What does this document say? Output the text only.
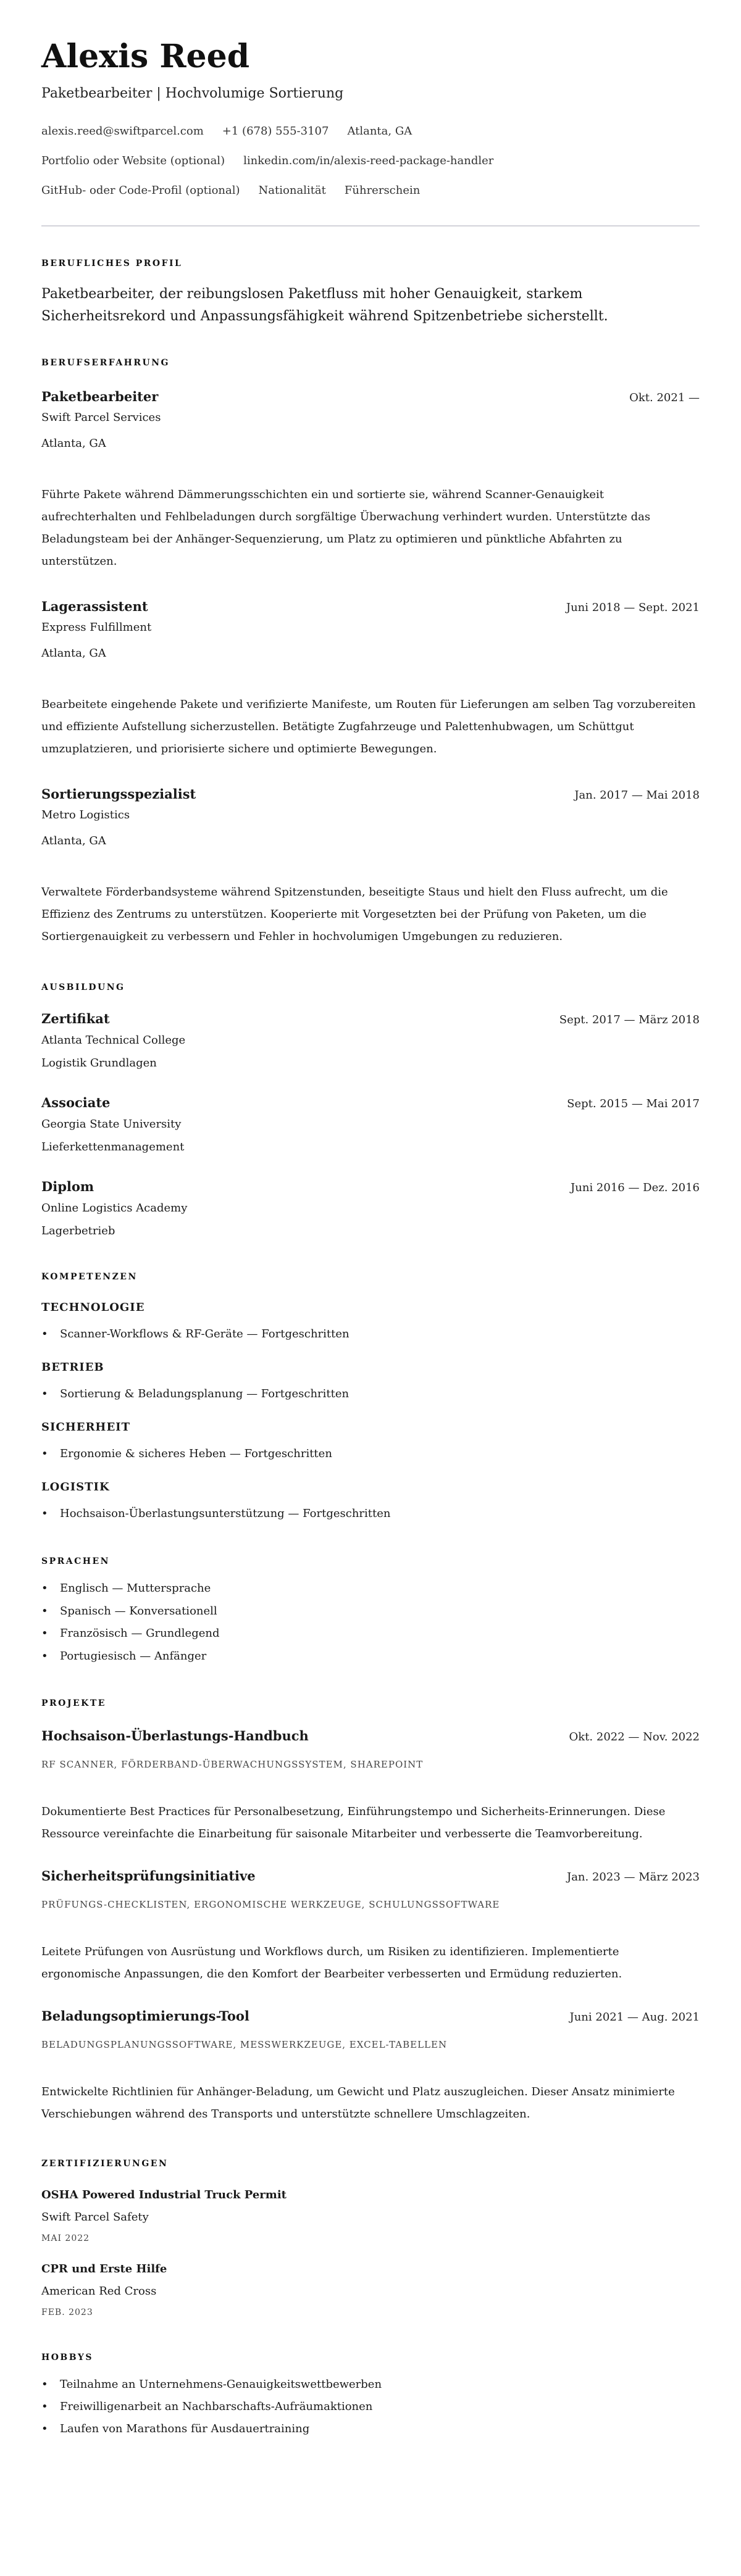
Alexis Reed
Paketbearbeiter | Hochvolumige Sortierung
alexis.reed@swiftparcel.com +1 (678) 555-3107 Atlanta, GA
Portfolio oder Website (optional) linkedin.com/in/alexis-reed-package-handler
GitHub- oder Code-Profil (optional) Nationalität Führerschein
BERUFLICHES PROFIL

Paketbearbeiter, der reibungslosen Paketfluss mit hoher Genauigkeit, starkem Sicherheitsrekord und Anpassungsfähigkeit während Spitzenbetriebe sicherstellt.

BERUFSERFAHRUNG
Paketbearbeiter	Okt. 2021 —
Swift Parcel Services
Atlanta, GA

Führte Pakete während Dämmerungsschichten ein und sortierte sie, während Scanner-Genauigkeit aufrechterhalten und Fehlbeladungen durch sorgfältige Überwachung verhindert wurden. Unterstützte das Beladungsteam bei der Anhänger-Sequenzierung, um Platz zu optimieren und pünktliche Abfahrten zu unterstützen.

Lagerassistent	Juni 2018 — Sept. 2021
Express Fulfillment
Atlanta, GA

Bearbeitete eingehende Pakete und verifizierte Manifeste, um Routen für Lieferungen am selben Tag vorzubereiten und effiziente Aufstellung sicherzustellen. Betätigte Zugfahrzeuge und Palettenhubwagen, um Schüttgut umzuplatzieren, und priorisierte sichere und optimierte Bewegungen.

Sortierungsspezialist	Jan. 2017 — Mai 2018
Metro Logistics
Atlanta, GA

Verwaltete Förderbandsysteme während Spitzenstunden, beseitigte Staus und hielt den Fluss aufrecht, um die Effizienz des Zentrums zu unterstützen. Kooperierte mit Vorgesetzten bei der Prüfung von Paketen, um die Sortiergenauigkeit zu verbessern und Fehler in hochvolumigen Umgebungen zu reduzieren.

AUSBILDUNG
Zertifikat	Sept. 2017 — März 2018
Atlanta Technical College
Logistik Grundlagen
Associate	Sept. 2015 — Mai 2017
Georgia State University
Lieferkettenmanagement
Diplom	Juni 2016 — Dez. 2016
Online Logistics Academy
Lagerbetrieb
KOMPETENZEN
TECHNOLOGIE
• Scanner-Workflows & RF-Geräte — Fortgeschritten
BETRIEB
• Sortierung & Beladungsplanung — Fortgeschritten
SICHERHEIT
• Ergonomie & sicheres Heben — Fortgeschritten
LOGISTIK
• Hochsaison-Überlastungsunterstützung — Fortgeschritten
SPRACHEN
• Englisch — Muttersprache
• Spanisch — Konversationell
• Französisch — Grundlegend
• Portugiesisch — Anfänger
PROJEKTE
Hochsaison-Überlastungs-Handbuch	Okt. 2022 — Nov. 2022
RF SCANNER, FÖRDERBAND-ÜBERWACHUNGSSYSTEM, SHAREPOINT

Dokumentierte Best Practices für Personalbesetzung, Einführungstempo und Sicherheits-Erinnerungen. Diese Ressource vereinfachte die Einarbeitung für saisonale Mitarbeiter und verbesserte die Teamvorbereitung.

Sicherheitsprüfungsinitiative	Jan. 2023 — März 2023
PRÜFUNGS-CHECKLISTEN, ERGONOMISCHE WERKZEUGE, SCHULUNGSSOFTWARE

Leitete Prüfungen von Ausrüstung und Workflows durch, um Risiken zu identifizieren. Implementierte ergonomische Anpassungen, die den Komfort der Bearbeiter verbesserten und Ermüdung reduzierten.

Beladungsoptimierungs-Tool	Juni 2021 — Aug. 2021
BELADUNGSPLANUNGSSOFTWARE, MESSWERKZEUGE, EXCEL-TABELLEN

Entwickelte Richtlinien für Anhänger-Beladung, um Gewicht und Platz auszugleichen. Dieser Ansatz minimierte Verschiebungen während des Transports und unterstützte schnellere Umschlagzeiten.

ZERTIFIZIERUNGEN
OSHA Powered Industrial Truck Permit
Swift Parcel Safety
MAI 2022
CPR und Erste Hilfe
American Red Cross
FEB. 2023
HOBBYS
• Teilnahme an Unternehmens-Genauigkeitswettbewerben
• Freiwilligenarbeit an Nachbarschafts-Aufräumaktionen
• Laufen von Marathons für Ausdauertraining
